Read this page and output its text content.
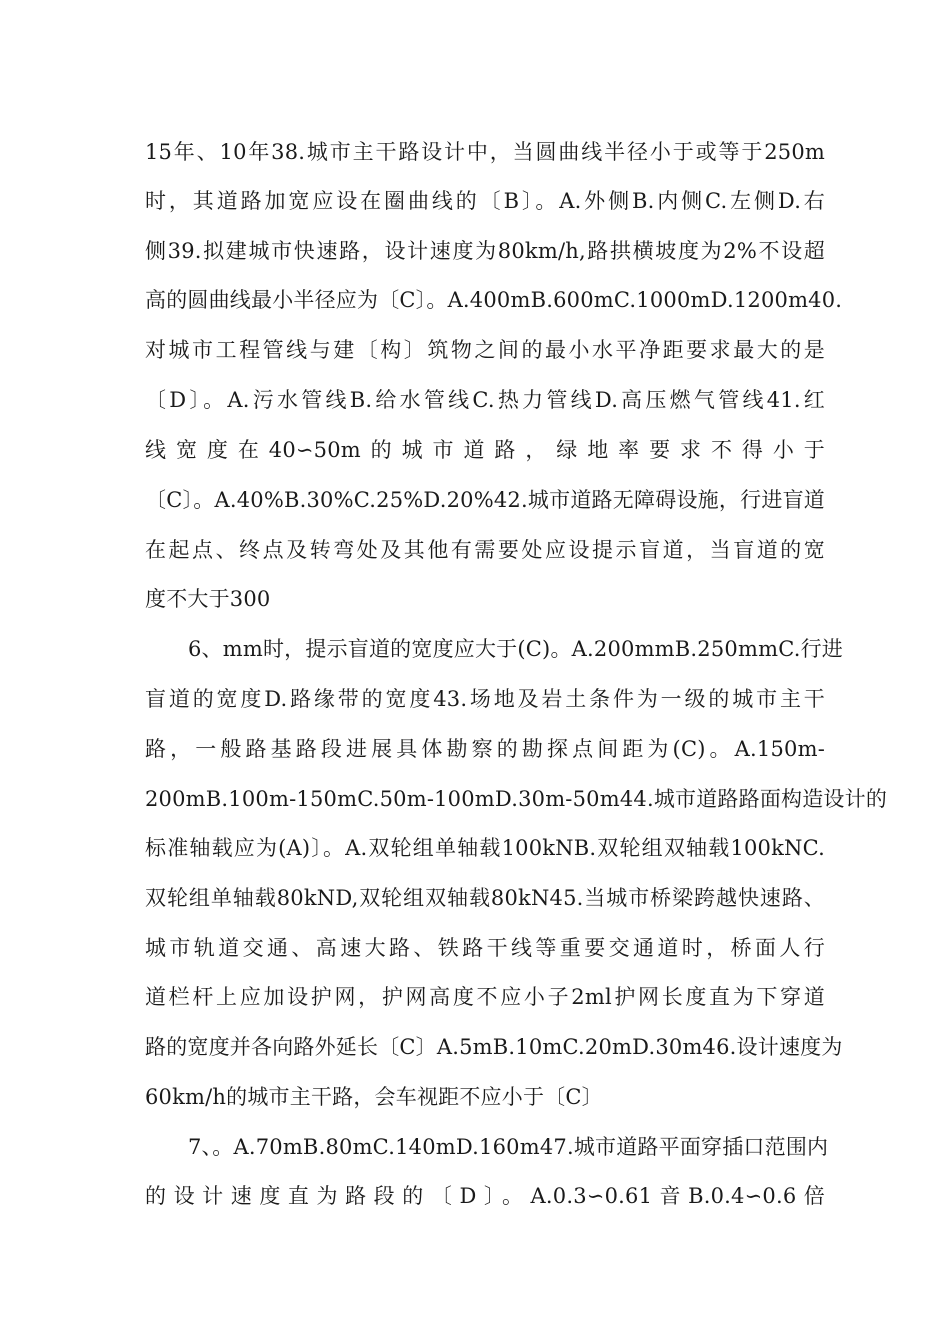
15年、10年38.城市主干路设计中，当圆曲线半径小于或等于250m
时，其道路加宽应设在圈曲线的〔B〕。A.外侧B.内侧C.左侧D.右
侧39.拟建城市快速路，设计速度为80km/h,路拱横坡度为2%不设超
高的圆曲线最小半径应为〔C〕。A.400mB.600mC.1000mD.1200m40.
对城市工程管线与建〔构〕筑物之间的最小水平净距要求最大的是
〔D〕。A.污水管线B.给水管线C.热力管线D.高压燃气管线41.红
线宽度在40∽50m的城市道路，绿地率要求不得小于
〔C〕。A.40%B.30%C.25%D.20%42.城市道路无障碍设施，行进盲道
在起点、终点及转弯处及其他有需要处应设提示盲道，当盲道的宽
度不大于300
6、mm时，提示盲道的宽度应大于(C)。A.200mmB.250mmC.行进
盲道的宽度D.路缘带的宽度43.场地及岩土条件为一级的城市主干
路，一般路基路段进展具体勘察的勘探点间距为(C)。A.150m-
200mB.100m-150mC.50m-100mD.30m-50m44.城市道路路面构造设计的
标准轴载应为(A)〕。A.双轮组单轴载100kNB.双轮组双轴载100kNC.
双轮组单轴载80kND,双轮组双轴载80kN45.当城市桥梁跨越快速路、
城市轨道交通、高速大路、铁路干线等重要交通道时，桥面人行
道栏杆上应加设护网，护网高度不应小子2ml护网长度直为下穿道
路的宽度并各向路外延长〔C〕A.5mB.10mC.20mD.30m46.设计速度为
60km/h的城市主干路，会车视距不应小于〔C〕
7、。A.70mB.80mC.140mD.160m47.城市道路平面穿插口范围内
的设计速度直为路段的〔D〕。A.0.3∽0.61音B.0.4∽0.6倍
